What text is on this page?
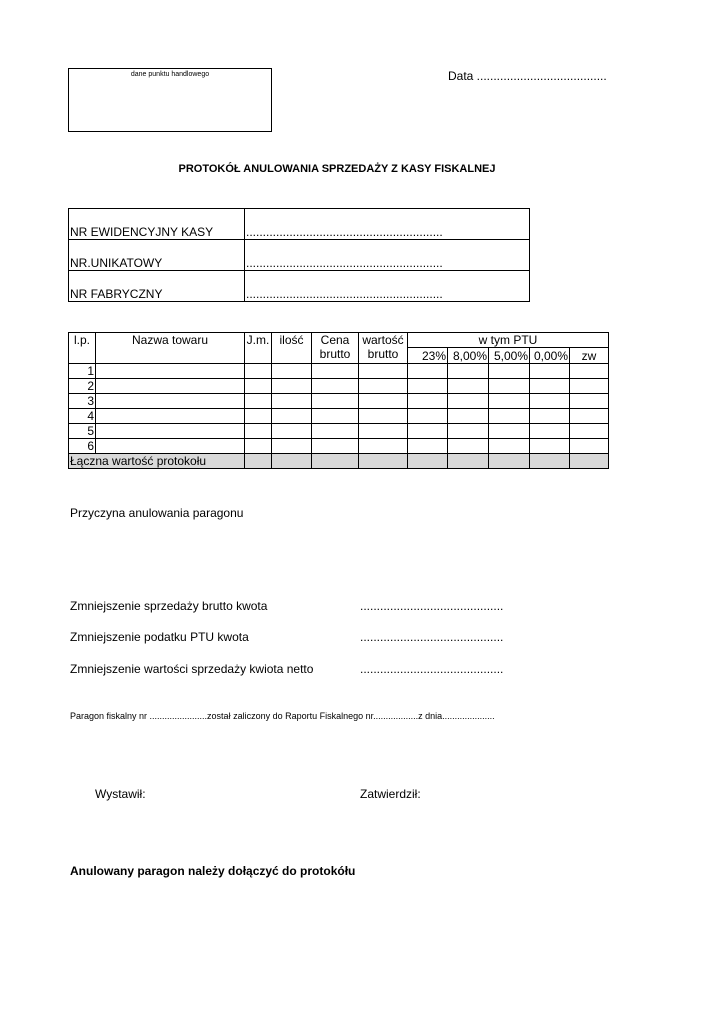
dane punktu handlowego	Data .......................................
PROTOKÓŁ ANULOWANIA SPRZEDAŻY Z KASY FISKALNEJ
NR EWIDENCYJNY KASY	...........................................................
NR.UNIKATOWY	...........................................................
NR FABRYCZNY	...........................................................
l.p.	Nazwa towaru	J.m.	ilość	Cena brutto	wartość brutto	w tym PTU				
						23%	8,00%	5,00%	0,00%	zw
1										
2										
3										
4										
5										
6										
Łączna wartość protokołu										
Przyczyna anulowania paragonu
Zmniejszenie sprzedaży brutto kwota	...........................................
Zmniejszenie podatku PTU kwota	...........................................
Zmniejszenie wartości sprzedaży kwiota netto	...........................................
Paragon fiskalny nr .......................został zaliczony do Raportu Fiskalnego nr..................z dnia.....................
Wystawił:	Zatwierdził:
Anulowany paragon należy dołączyć do protokółu
